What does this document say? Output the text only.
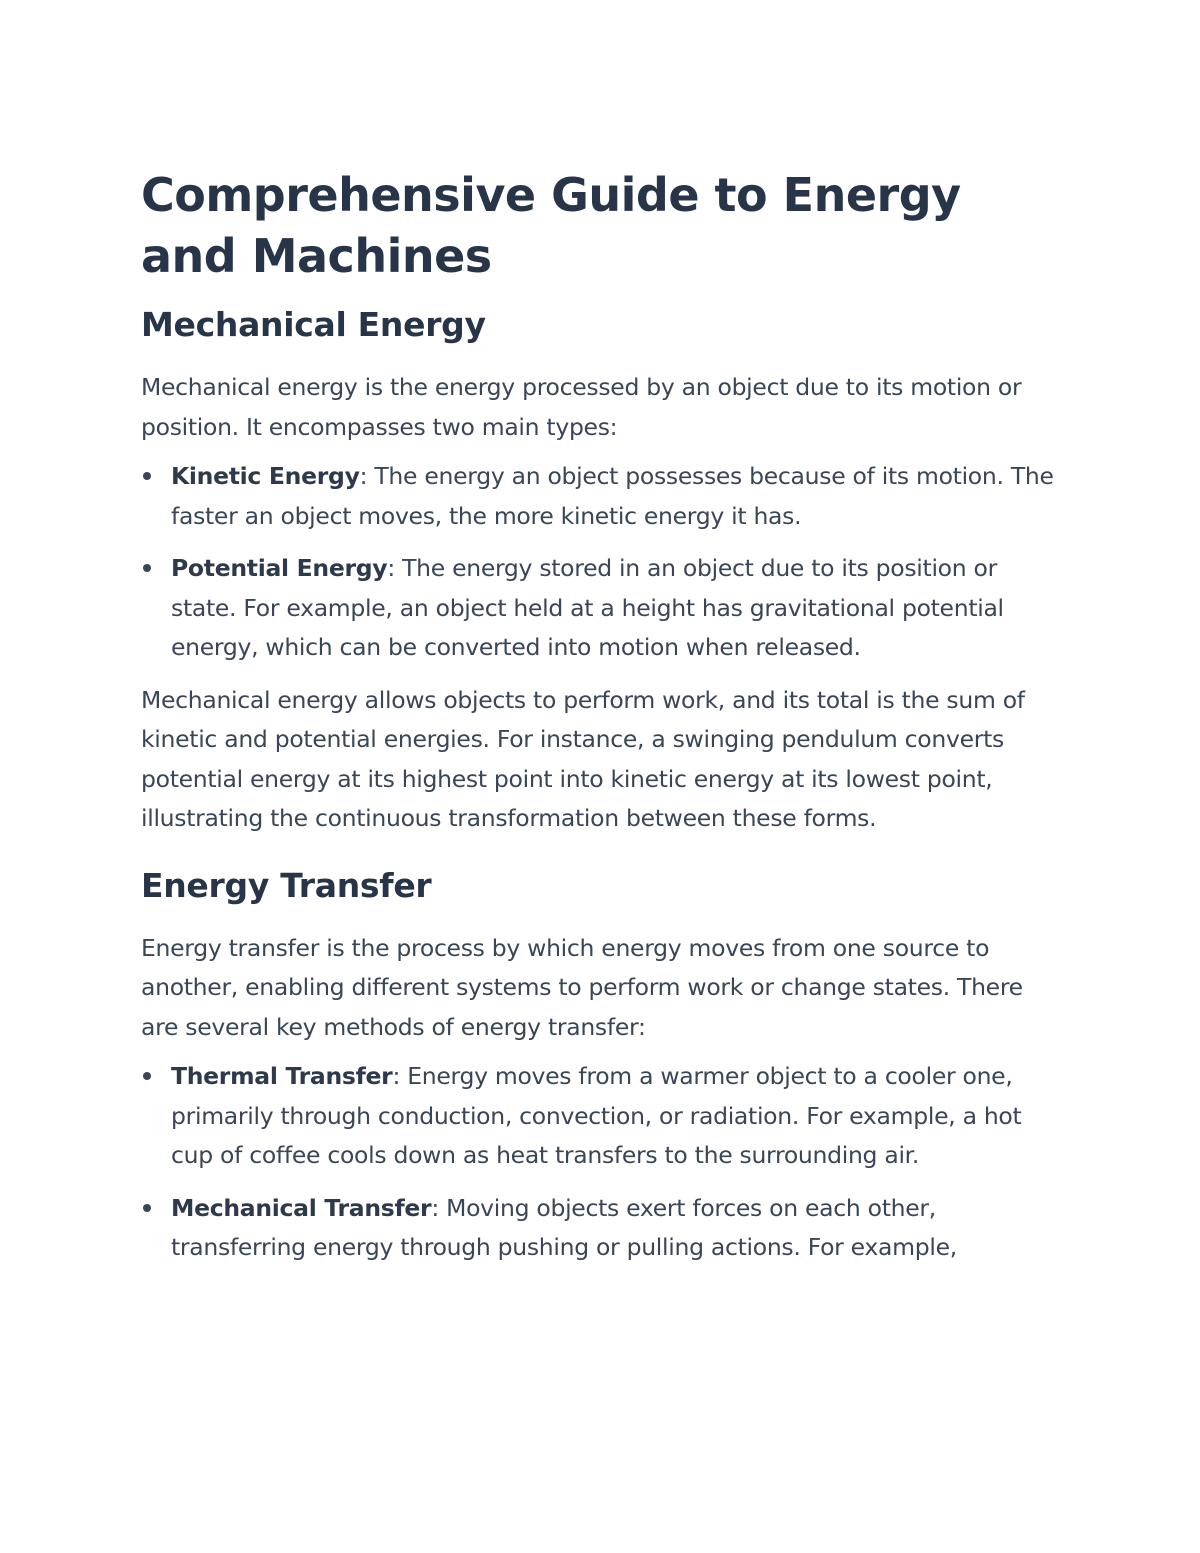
Comprehensive Guide to Energy and Machines
Mechanical Energy

Mechanical energy is the energy processed by an object due to its motion or position. It encompasses two main types:

Kinetic Energy: The energy an object possesses because of its motion. The faster an object moves, the more kinetic energy it has.
Potential Energy: The energy stored in an object due to its position or state. For example, an object held at a height has gravitational potential energy, which can be converted into motion when released.

Mechanical energy allows objects to perform work, and its total is the sum of kinetic and potential energies. For instance, a swinging pendulum converts potential energy at its highest point into kinetic energy at its lowest point, illustrating the continuous transformation between these forms.

Energy Transfer

Energy transfer is the process by which energy moves from one source to another, enabling different systems to perform work or change states. There are several key methods of energy transfer:

Thermal Transfer: Energy moves from a warmer object to a cooler one, primarily through conduction, convection, or radiation. For example, a hot cup of coffee cools down as heat transfers to the surrounding air.
Mechanical Transfer: Moving objects exert forces on each other, transferring energy through pushing or pulling actions. For example,
